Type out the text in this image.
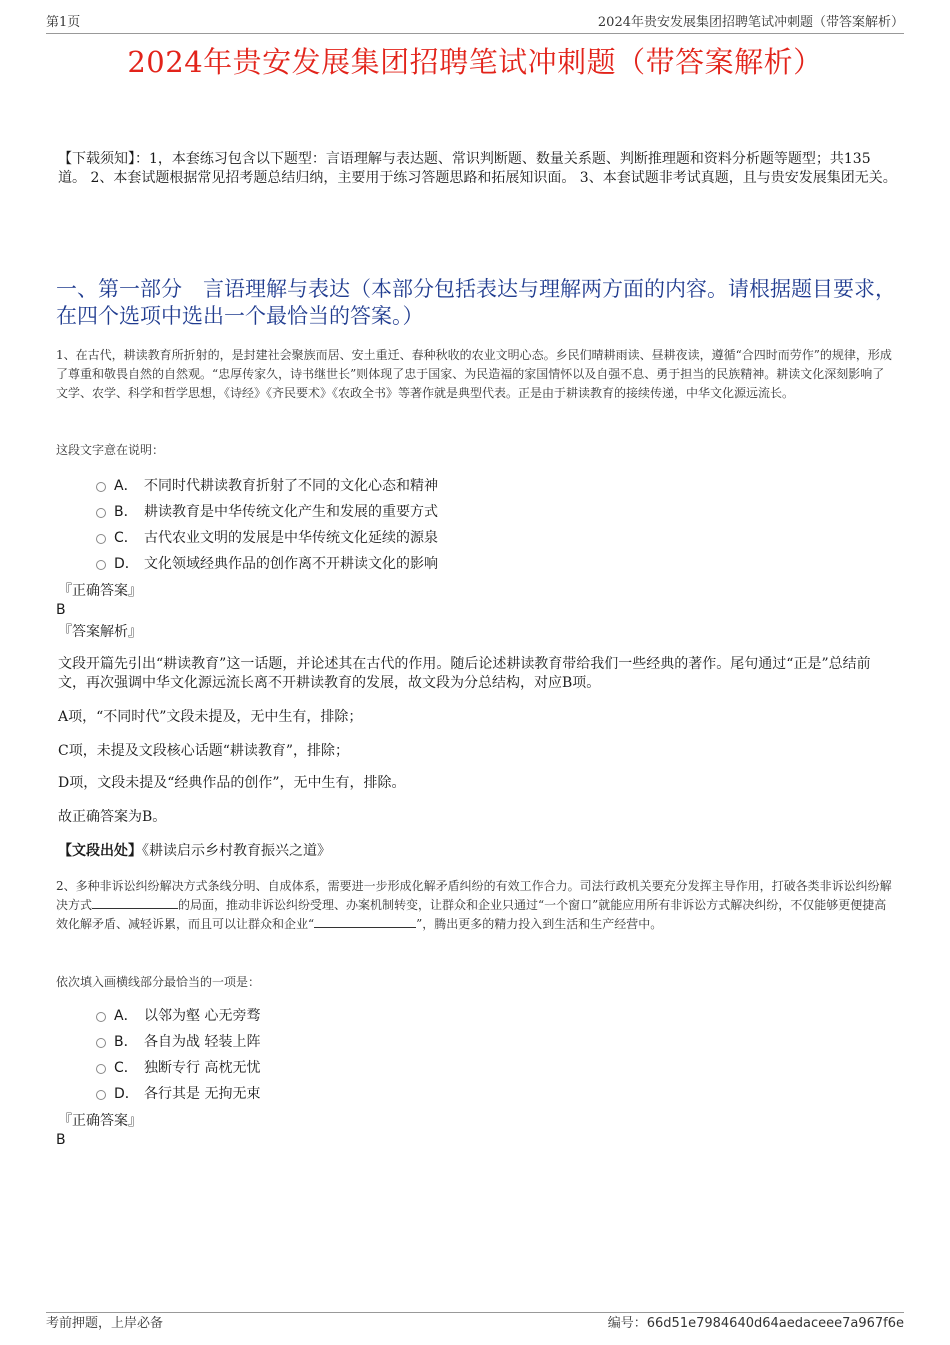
第1页	2024年贵安发展集团招聘笔试冲刺题（带答案解析）
2024年贵安发展集团招聘笔试冲刺题（带答案解析）
【下载须知】：1，本套练习包含以下题型：言语理解与表达题、常识判断题、数量关系题、判断推理题和资料分析题等题型；共135道。 2、本套试题根据常见招考题总结归纳，主要用于练习答题思路和拓展知识面。 3、本套试题非考试真题，且与贵安发展集团无关。
一、第一部分　言语理解与表达（本部分包括表达与理解两方面的内容。请根据题目要求，在四个选项中选出一个最恰当的答案。）
1、在古代，耕读教育所折射的，是封建社会聚族而居、安土重迁、春种秋收的农业文明心态。乡民们晴耕雨读、昼耕夜读，遵循“合四时而劳作”的规律，形成了尊重和敬畏自然的自然观。“忠厚传家久，诗书继世长”则体现了忠于国家、为民造福的家国情怀以及自强不息、勇于担当的民族精神。耕读文化深刻影响了文学、农学、科学和哲学思想，《诗经》《齐民要术》《农政全书》等著作就是典型代表。正是由于耕读教育的接续传递，中华文化源远流长。
这段文字意在说明：
A． 不同时代耕读教育折射了不同的文化心态和精神
B． 耕读教育是中华传统文化产生和发展的重要方式
C． 古代农业文明的发展是中华传统文化延续的源泉
D． 文化领域经典作品的创作离不开耕读文化的影响
『正确答案』
B
『答案解析』
文段开篇先引出“耕读教育”这一话题，并论述其在古代的作用。随后论述耕读教育带给我们一些经典的著作。尾句通过“正是”总结前文，再次强调中华文化源远流长离不开耕读教育的发展，故文段为分总结构，对应B项。
A项，“不同时代”文段未提及，无中生有，排除；
C项，未提及文段核心话题“耕读教育”，排除；
D项，文段未提及“经典作品的创作”，无中生有，排除。
故正确答案为B。
【文段出处】《耕读启示乡村教育振兴之道》
2、多种非诉讼纠纷解决方式条线分明、自成体系，需要进一步形成化解矛盾纠纷的有效工作合力。司法行政机关要充分发挥主导作用，打破各类非诉讼纠纷解决方式	的局面，推动非诉讼纠纷受理、办案机制转变，让群众和企业只通过“一个窗口”就能应用所有非诉讼方式解决纠纷，不仅能够更便捷高效化解矛盾、减轻诉累，而且可以让群众和企业“	”，腾出更多的精力投入到生活和生产经营中。
依次填入画横线部分最恰当的一项是：
A． 以邻为壑 心无旁骛
B． 各自为战 轻装上阵
C． 独断专行 高枕无忧
D． 各行其是 无拘无束
『正确答案』
B
考前押题，上岸必备	编号：66d51e7984640d64aedaceee7a967f6e
